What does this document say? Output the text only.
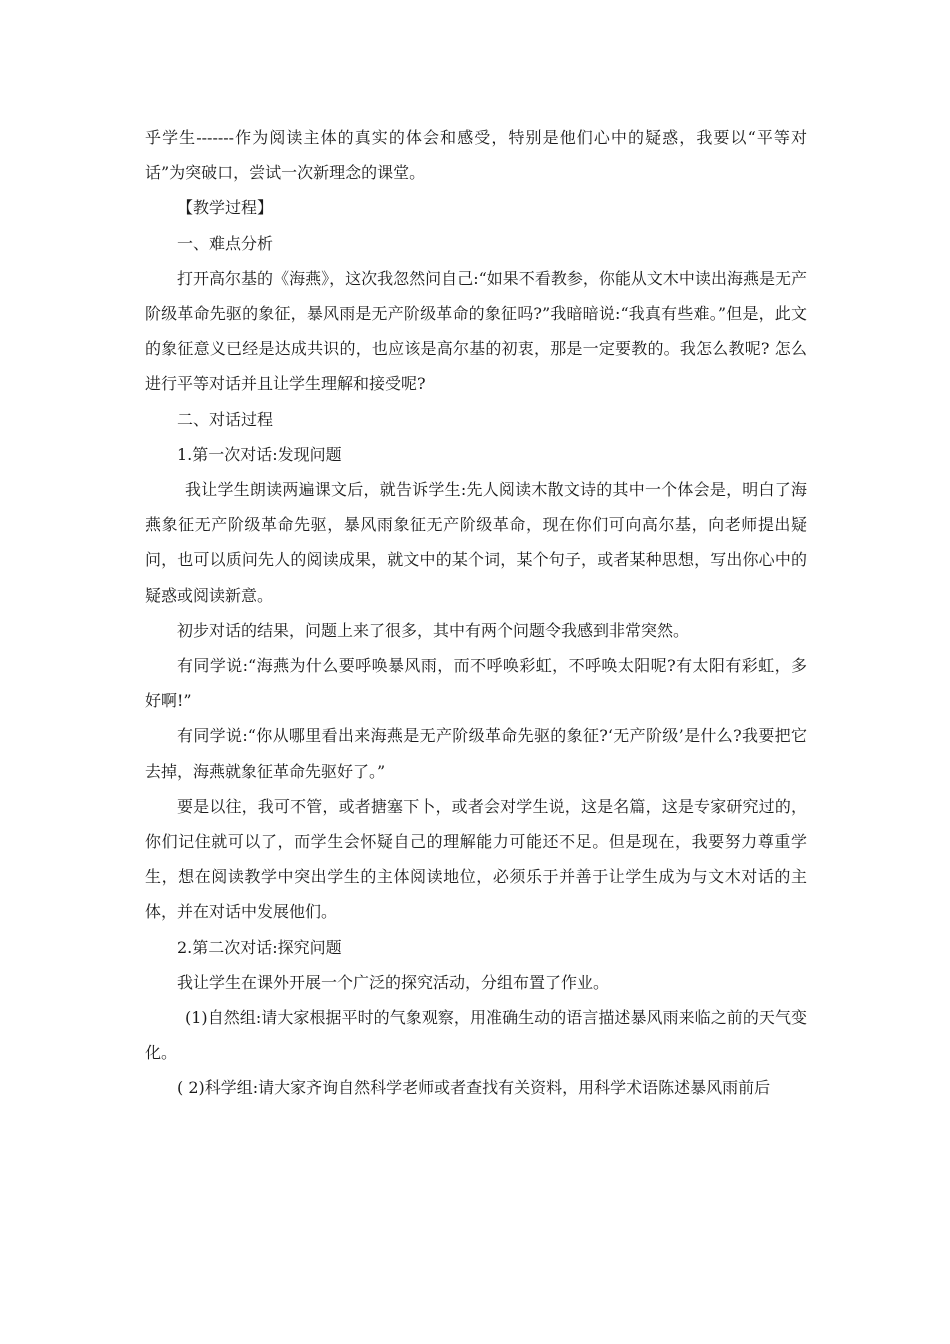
乎学生-------作为阅读主体的真实的体会和感受，特别是他们心中的疑惑，我要以“平等对话”为突破口，尝试一次新理念的课堂。

【教学过程】

一、难点分析

打开高尔基的《海燕》，这次我忽然问自己:“如果不看教参，你能从文木中读出海燕是无产阶级革命先驱的象征，暴风雨是无产阶级革命的象征吗?”我暗暗说:“我真有些难。”但是，此文的象征意义已经是达成共识的，也应该是高尔基的初衷，那是一定要教的。我怎么教呢? 怎么进行平等对话并且让学生理解和接受呢?

二、对话过程

1.第一次对话:发现问题

我让学生朗读两遍课文后，就告诉学生:先人阅读木散文诗的其中一个体会是，明白了海燕象征无产阶级革命先驱，暴风雨象征无产阶级革命，现在你们可向高尔基，向老师提出疑问，也可以质问先人的阅读成果，就文中的某个词，某个句子，或者某种思想，写出你心中的疑惑或阅读新意。

初步对话的结果，问题上来了很多，其中有两个问题令我感到非常突然。

有同学说:“海燕为什么要呼唤暴风雨，而不呼唤彩虹，不呼唤太阳呢?有太阳有彩虹，多好啊!”

有同学说:“你从哪里看出来海燕是无产阶级革命先驱的象征?‘无产阶级’是什么?我要把它去掉，海燕就象征革命先驱好了。”

要是以往，我可不管，或者搪塞下卜，或者会对学生说，这是名篇，这是专家研究过的，你们记住就可以了，而学生会怀疑自己的理解能力可能还不足。但是现在，我要努力尊重学生，想在阅读教学中突出学生的主体阅读地位，必须乐于并善于让学生成为与文木对话的主体，并在对话中发展他们。

2.第二次对话:探究问题

我让学生在课外开展一个广泛的探究活动，分组布置了作业。

(1)自然组:请大家根据平时的气象观察，用准确生动的语言描述暴风雨来临之前的天气变化。

( 2)科学组:请大家齐询自然科学老师或者查找有关资料，用科学术语陈述暴风雨前后
